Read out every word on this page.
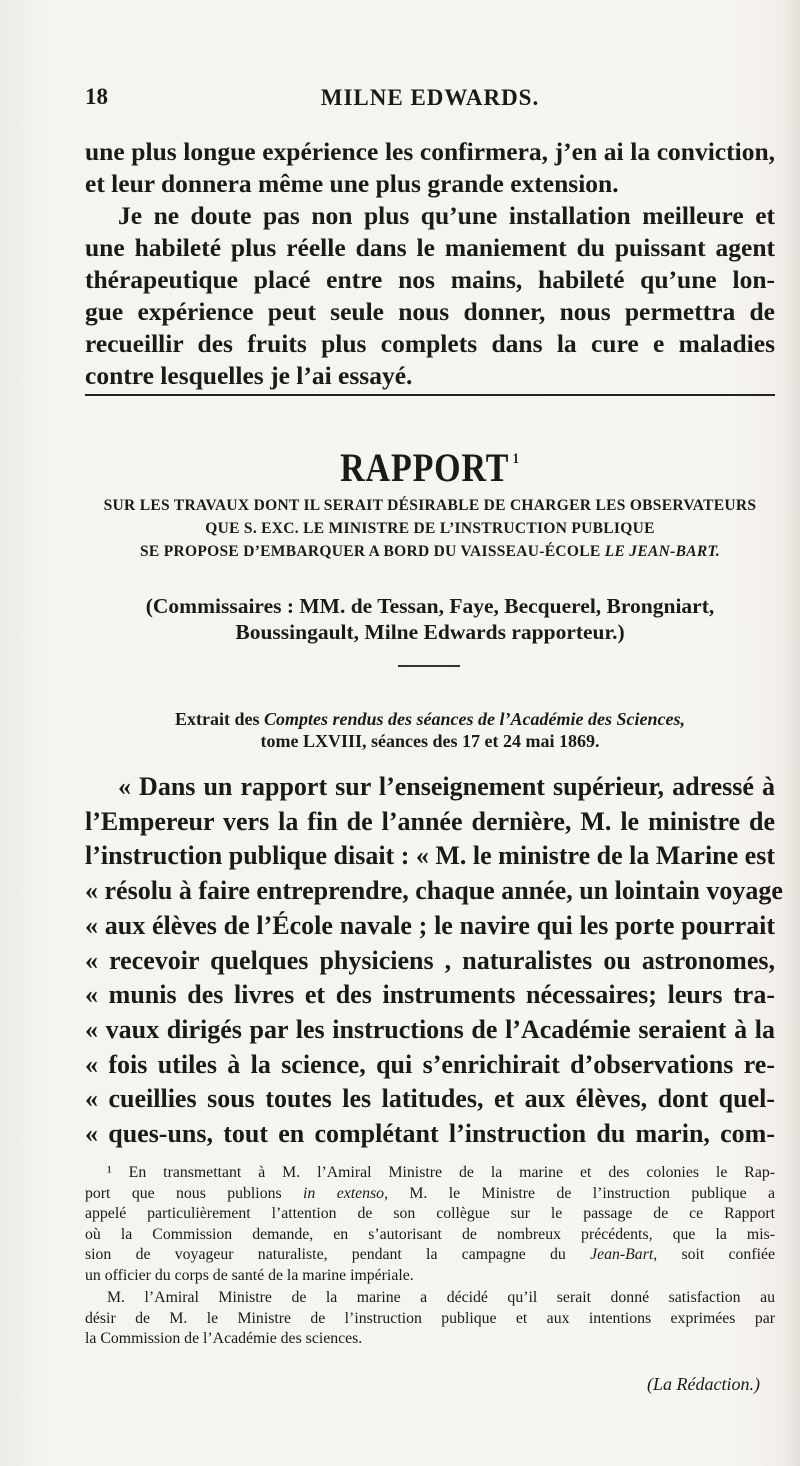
18	MILNE EDWARDS.
une plus longue expérience les confirmera, j’en ai la conviction,
et leur donnera même une plus grande extension.
Je ne doute pas non plus qu’une installation meilleure et
une habileté plus réelle dans le maniement du puissant agent
thérapeutique placé entre nos mains, habileté qu’une lon-
gue expérience peut seule nous donner, nous permettra de
recueillir des fruits plus complets dans la cure e maladies
contre lesquelles je l’ai essayé.
RAPPORT $^1$
SUR LES TRAVAUX DONT IL SERAIT DÉSIRABLE DE CHARGER LES OBSERVATEURS
QUE S. EXC. LE MINISTRE DE L’INSTRUCTION PUBLIQUE
SE PROPOSE D’EMBARQUER A BORD DU VAISSEAU-ÉCOLE LE JEAN-BART.
(Commissaires : MM. de Tessan, Faye, Becquerel, Brongniart,
Boussingault, Milne Edwards rapporteur.)
Extrait des Comptes rendus des séances de l’Académie des Sciences,
tome LXVIII, séances des 17 et 24 mai 1869.
« Dans un rapport sur l’enseignement supérieur, adressé à
l’Empereur vers la fin de l’année dernière, M. le ministre de
l’instruction publique disait : « M. le ministre de la Marine est
« résolu à faire entreprendre, chaque année, un lointain voyage
« aux élèves de l’École navale ; le navire qui les porte pourrait
« recevoir quelques physiciens , naturalistes ou astronomes,
« munis des livres et des instruments nécessaires; leurs tra-
« vaux dirigés par les instructions de l’Académie seraient à la
« fois utiles à la science, qui s’enrichirait d’observations re-
« cueillies sous toutes les latitudes, et aux élèves, dont quel-
« ques-uns, tout en complétant l’instruction du marin, com-
¹ En transmettant à M. l’Amiral Ministre de la marine et des colonies le Rap-
port que nous publions in extenso, M. le Ministre de l’instruction publique a
appelé particulièrement l’attention de son collègue sur le passage de ce Rapport
où la Commission demande, en s’autorisant de nombreux précédents, que la mis-
sion de voyageur naturaliste, pendant la campagne du Jean-Bart, soit confiée
un officier du corps de santé de la marine impériale.
M. l’Amiral Ministre de la marine a décidé qu’il serait donné satisfaction au
désir de M. le Ministre de l’instruction publique et aux intentions exprimées par
la Commission de l’Académie des sciences.
(La Rédaction.)
